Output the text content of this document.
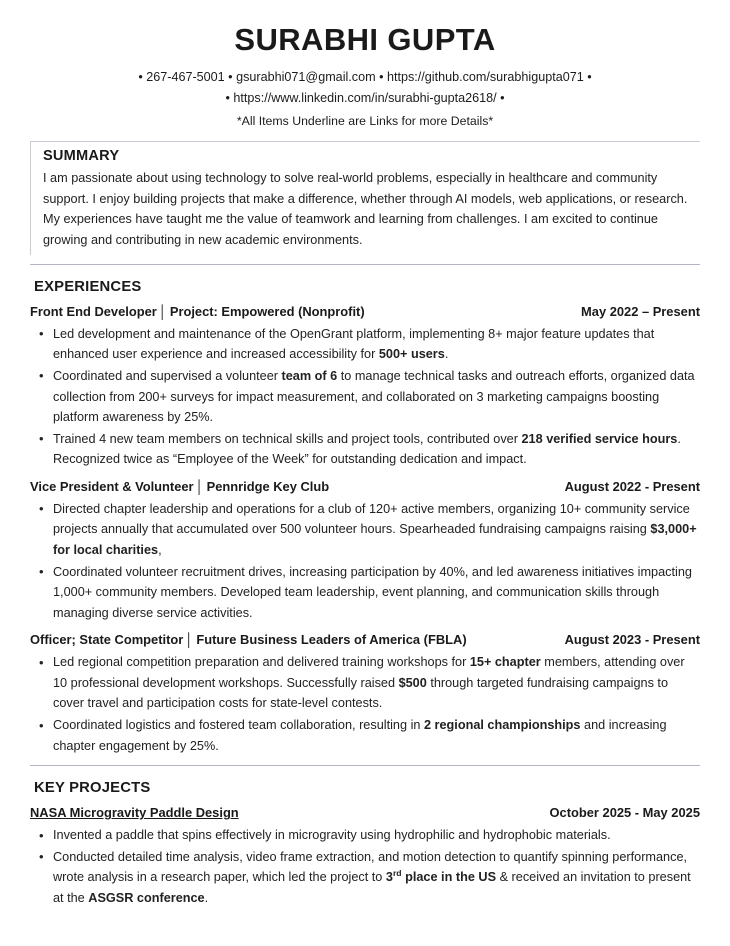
SURABHI GUPTA
• 267-467-5001 • gsurabhi071@gmail.com • https://github.com/surabhigupta071 •
• https://www.linkedin.com/in/surabhi-gupta2618/ •
*All Items Underline are Links for more Details*
SUMMARY
I am passionate about using technology to solve real-world problems, especially in healthcare and community support. I enjoy building projects that make a difference, whether through AI models, web applications, or research. My experiences have taught me the value of teamwork and learning from challenges. I am excited to continue growing and contributing in new academic environments.
EXPERIENCES
Front End Developer │ Project: Empowered (Nonprofit)	May 2022 – Present
• Led development and maintenance of the OpenGrant platform, implementing 8+ major feature updates that enhanced user experience and increased accessibility for 500+ users.
• Coordinated and supervised a volunteer team of 6 to manage technical tasks and outreach efforts, organized data collection from 200+ surveys for impact measurement, and collaborated on 3 marketing campaigns boosting platform awareness by 25%.
• Trained 4 new team members on technical skills and project tools, contributed over 218 verified service hours. Recognized twice as “Employee of the Week” for outstanding dedication and impact.
Vice President & Volunteer │ Pennridge Key Club	August 2022 - Present
• Directed chapter leadership and operations for a club of 120+ active members, organizing 10+ community service projects annually that accumulated over 500 volunteer hours. Spearheaded fundraising campaigns raising $3,000+ for local charities,
• Coordinated volunteer recruitment drives, increasing participation by 40%, and led awareness initiatives impacting 1,000+ community members. Developed team leadership, event planning, and communication skills through managing diverse service activities.
Officer; State Competitor │ Future Business Leaders of America (FBLA)	August 2023 - Present
• Led regional competition preparation and delivered training workshops for 15+ chapter members, attending over 10 professional development workshops. Successfully raised $500 through targeted fundraising campaigns to cover travel and participation costs for state-level contests.
• Coordinated logistics and fostered team collaboration, resulting in 2 regional championships and increasing chapter engagement by 25%.
KEY PROJECTS
NASA Microgravity Paddle Design	October 2025 - May 2025
• Invented a paddle that spins effectively in microgravity using hydrophilic and hydrophobic materials.
• Conducted detailed time analysis, video frame extraction, and motion detection to quantify spinning performance, wrote analysis in a research paper, which led the project to 3rd place in the US & received an invitation to present at the ASGSR conference.
